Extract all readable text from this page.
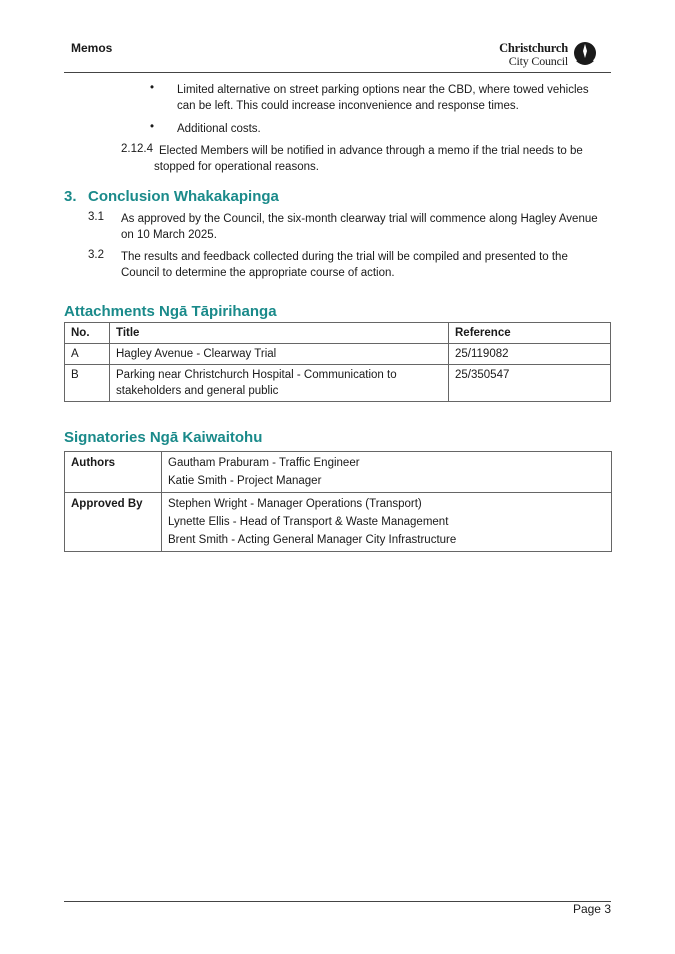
Memos	Christchurch
City Council
• Limited alternative on street parking options near the CBD, where towed vehicles can be left. This could increase inconvenience and response times.
• Additional costs.
2.12.4 Elected Members will be notified in advance through a memo if the trial needs to be stopped for operational reasons.
3. Conclusion Whakakapinga
3.1 As approved by the Council, the six-month clearway trial will commence along Hagley Avenue on 10 March 2025.
3.2 The results and feedback collected during the trial will be compiled and presented to the Council to determine the appropriate course of action.
Attachments Ngā Tāpirihanga
No.	Title	Reference
A	Hagley Avenue - Clearway Trial	25/119082
B	Parking near Christchurch Hospital - Communication to stakeholders and general public	25/350547
Signatories Ngā Kaiwaitohu
Authors	Gautham Praburam - Traffic Engineer
Katie Smith - Project Manager

Approved By	Stephen Wright - Manager Operations (Transport)
Lynette Ellis - Head of Transport & Waste Management
Brent Smith - Acting General Manager City Infrastructure
Page 3
